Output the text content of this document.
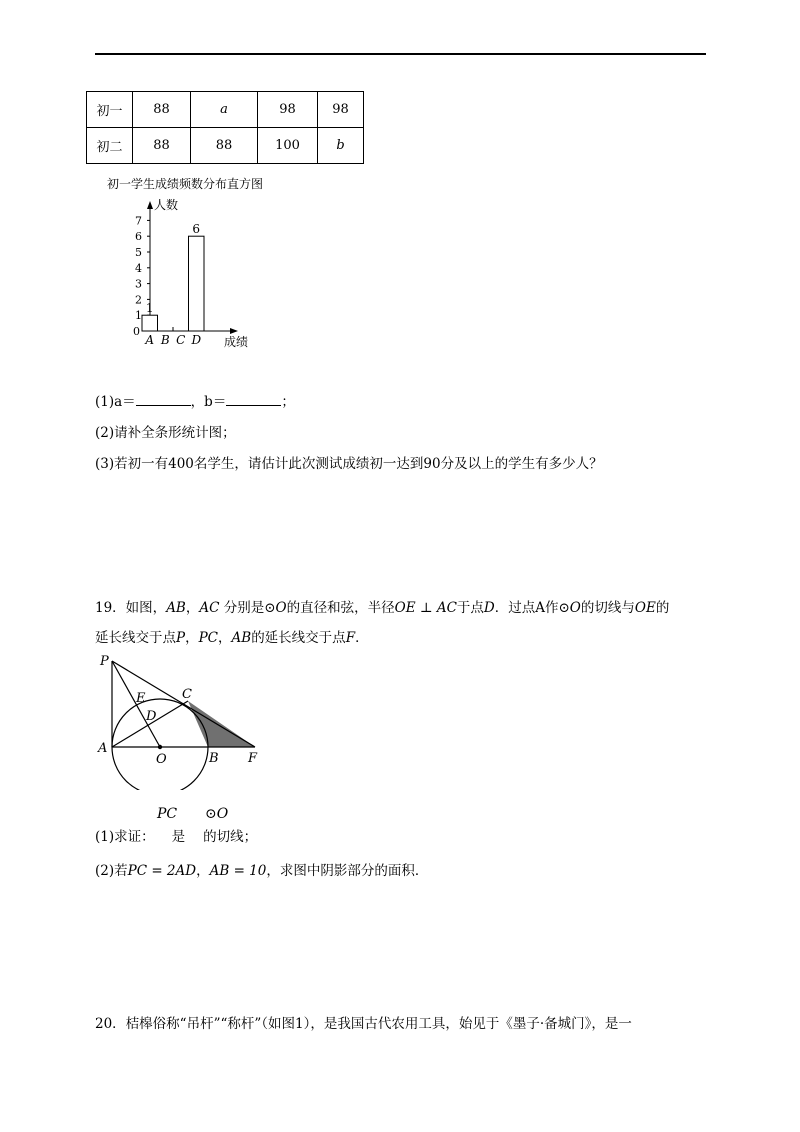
初一	88	a	98	98
初二	88	88	100	b
初一学生成绩频数分布直方图
人数
成绩
0
1
2
3
4
5
6
7
A
1
B C D
6
(1)a＝	，b＝	；
(2)请补全条形统计图；
(3)若初一有400名学生，请估计此次测试成绩初一达到90分及以上的学生有多少人？
19．如图，AB，AC 分别是⊙O的直径和弦，半径OE ⊥ AC于点D．过点A作⊙O的切线与OE的
延长线交于点P，PC，AB的延长线交于点F．
P
E	C
D
A
O	B F
PC ⊙O
(1)求证： 是 的切线；
(2)若PC = 2AD，AB = 10，求图中阴影部分的面积．
20．桔槔俗称“吊杆”“称杆”（如图1），是我国古代农用工具，始见于《墨子·备城门》，是一
